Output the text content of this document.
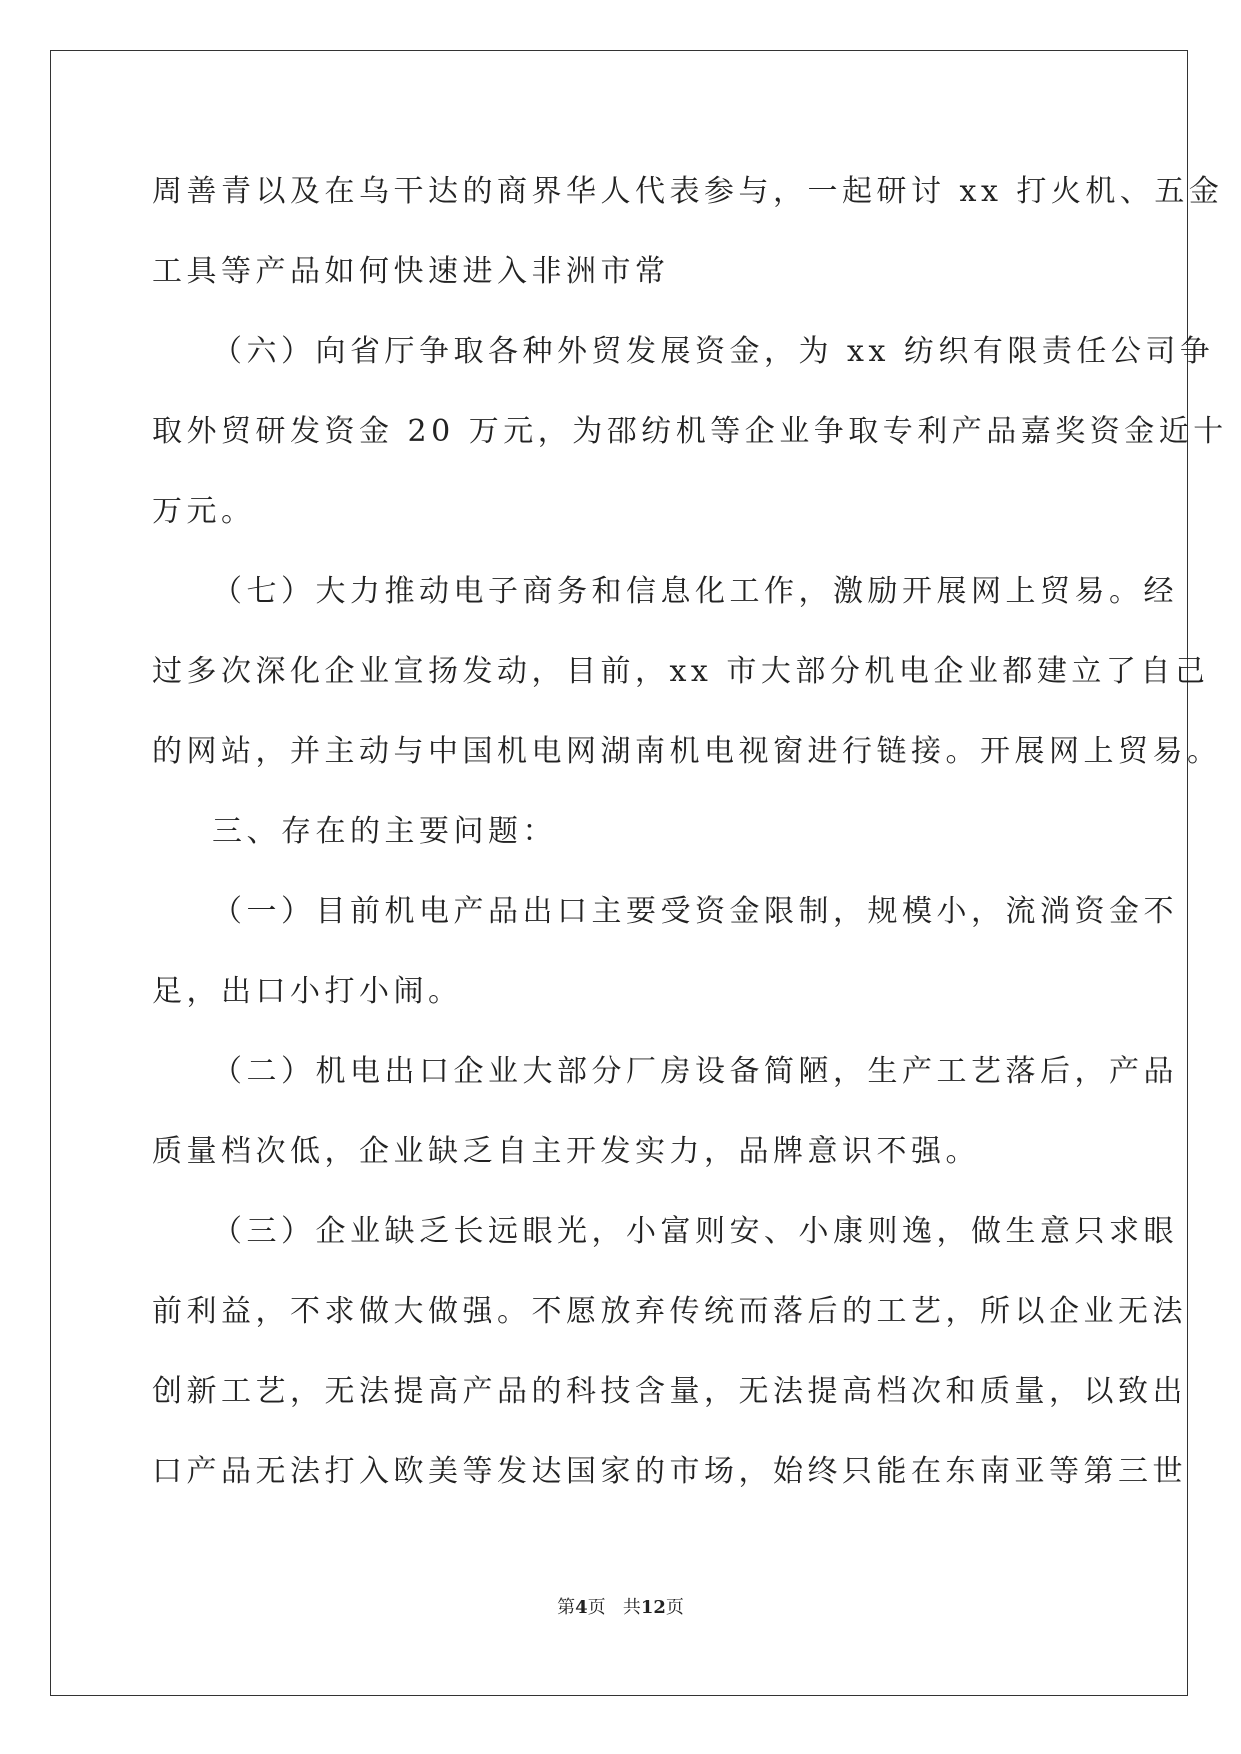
周善青以及在乌干达的商界华人代表参与，一起研讨 xx 打火机、五金
工具等产品如何快速进入非洲市常
（六）向省厅争取各种外贸发展资金，为 xx 纺织有限责任公司争
取外贸研发资金 20 万元，为邵纺机等企业争取专利产品嘉奖资金近十
万元。
（七）大力推动电子商务和信息化工作，激励开展网上贸易。经
过多次深化企业宣扬发动，目前，xx 市大部分机电企业都建立了自己
的网站，并主动与中国机电网湖南机电视窗进行链接。开展网上贸易。
三、存在的主要问题：
（一）目前机电产品出口主要受资金限制，规模小，流淌资金不
足，出口小打小闹。
（二）机电出口企业大部分厂房设备简陋，生产工艺落后，产品
质量档次低，企业缺乏自主开发实力，品牌意识不强。
（三）企业缺乏长远眼光，小富则安、小康则逸，做生意只求眼
前利益，不求做大做强。不愿放弃传统而落后的工艺，所以企业无法
创新工艺，无法提高产品的科技含量，无法提高档次和质量，以致出
口产品无法打入欧美等发达国家的市场，始终只能在东南亚等第三世
第4页 共12页
